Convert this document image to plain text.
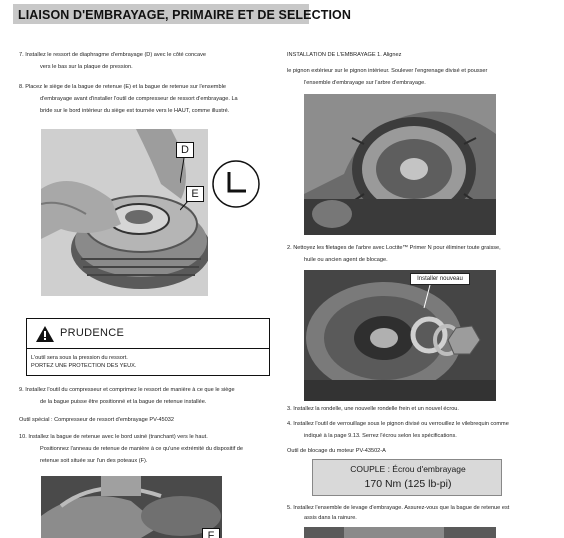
LIAISON D'EMBRAYAGE, PRIMAIRE ET DE SELECTION
7. Installez le ressort de diaphragme d'embrayage (D) avec le côté concave
vers le bas sur la plaque de pression.
8. Placez le siège de la bague de retenue (E) et la bague de retenue sur l'ensemble
d'embrayage avant d'installer l'outil de compresseur de ressort d'embrayage. La
bride sur le bord intérieur du siège est tournée vers le HAUT, comme illustré.
D
E
PRUDENCE
L'outil sera sous la pression du ressort.
PORTEZ UNE PROTECTION DES YEUX.
9. Installez l'outil du compresseur et comprimez le ressort de manière à ce que le siège
de la bague puisse être positionné et la bague de retenue installée.
Outil spécial : Compresseur de ressort d'embrayage PV-45032
10. Installez la bague de retenue avec le bord usiné (tranchant) vers le haut.
Positionnez l'anneau de retenue de manière à ce qu'une extrémité du dispositif de
retenue soit située sur l'un des poteaux (F).
F
INSTALLATION DE L'EMBRAYAGE 1. Alignez
le pignon extérieur sur le pignon intérieur. Soulever l'engrenage divisé et pousser
l'ensemble d'embrayage sur l'arbre d'embrayage.
2. Nettoyez les filetages de l'arbre avec Loctite™ Primer N pour éliminer toute graisse,
huile ou ancien agent de blocage.
Installer nouveau
3. Installez la rondelle, une nouvelle rondelle frein et un nouvel écrou.
4. Installez l'outil de verrouillage sous le pignon divisé ou verrouillez le vilebrequin comme
indiqué à la page 9.13. Serrez l'écrou selon les spécifications.
Outil de blocage du moteur PV-43502-A
COUPLE : Écrou d'embrayage
170 Nm (125 lb-pi)
5. Installez l'ensemble de levage d'embrayage. Assurez-vous que la bague de retenue est
assis dans la rainure.
